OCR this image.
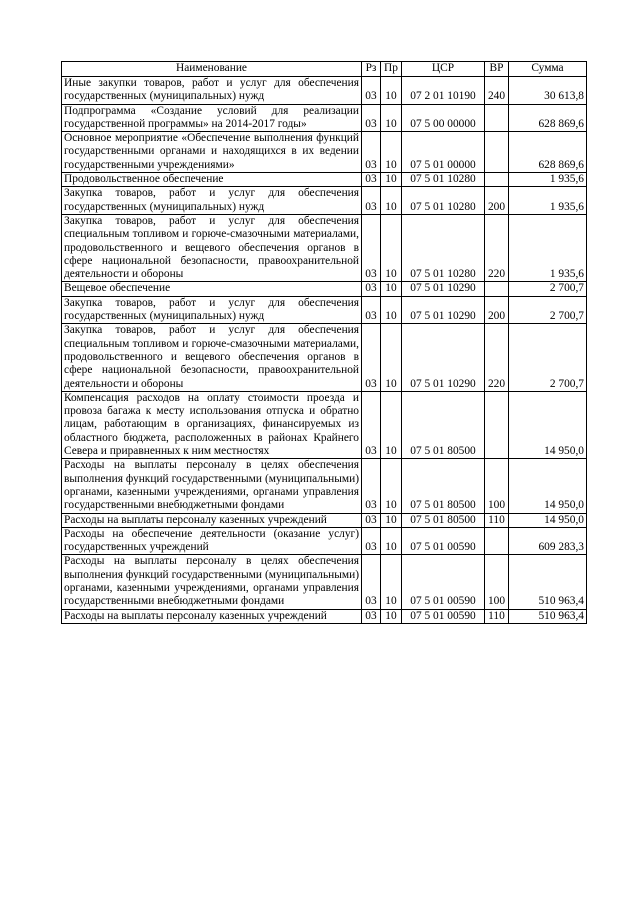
Наименование	Рз	Пр	ЦСР	ВР	Сумма
Иные закупки товаров, работ и услуг для обеспечения государственных (муниципальных) нужд	03	10	07 2 01 10190	240	30 613,8
Подпрограмма «Создание условий для реализации государственной программы» на 2014-2017 годы»	03	10	07 5 00 00000		628 869,6
Основное мероприятие «Обеспечение выполнения функций государственными органами и находящихся в их ведении государственными учреждениями»	03	10	07 5 01 00000		628 869,6
Продовольственное обеспечение	03	10	07 5 01 10280		1 935,6
Закупка товаров, работ и услуг для обеспечения государственных (муниципальных) нужд	03	10	07 5 01 10280	200	1 935,6
Закупка товаров, работ и услуг для обеспечения специальным топливом и горюче-смазочными материалами, продовольственного и вещевого обеспечения органов в сфере национальной безопасности, правоохранительной деятельности и обороны	03	10	07 5 01 10280	220	1 935,6
Вещевое обеспечение	03	10	07 5 01 10290		2 700,7
Закупка товаров, работ и услуг для обеспечения государственных (муниципальных) нужд	03	10	07 5 01 10290	200	2 700,7
Закупка товаров, работ и услуг для обеспечения специальным топливом и горюче-смазочными материалами, продовольственного и вещевого обеспечения органов в сфере национальной безопасности, правоохранительной деятельности и обороны	03	10	07 5 01 10290	220	2 700,7
Компенсация расходов на оплату стоимости проезда и провоза багажа к месту использования отпуска и обратно лицам, работающим в организациях, финансируемых из областного бюджета, расположенных в районах Крайнего Севера и приравненных к ним местностях	03	10	07 5 01 80500		14 950,0
Расходы на выплаты персоналу в целях обеспечения выполнения функций государственными (муниципальными) органами, казенными учреждениями, органами управления государственными внебюджетными фондами	03	10	07 5 01 80500	100	14 950,0
Расходы на выплаты персоналу казенных учреждений	03	10	07 5 01 80500	110	14 950,0
Расходы на обеспечение деятельности (оказание услуг) государственных учреждений	03	10	07 5 01 00590		609 283,3
Расходы на выплаты персоналу в целях обеспечения выполнения функций государственными (муниципальными) органами, казенными учреждениями, органами управления государственными внебюджетными фондами	03	10	07 5 01 00590	100	510 963,4
Расходы на выплаты персоналу казенных учреждений	03	10	07 5 01 00590	110	510 963,4
